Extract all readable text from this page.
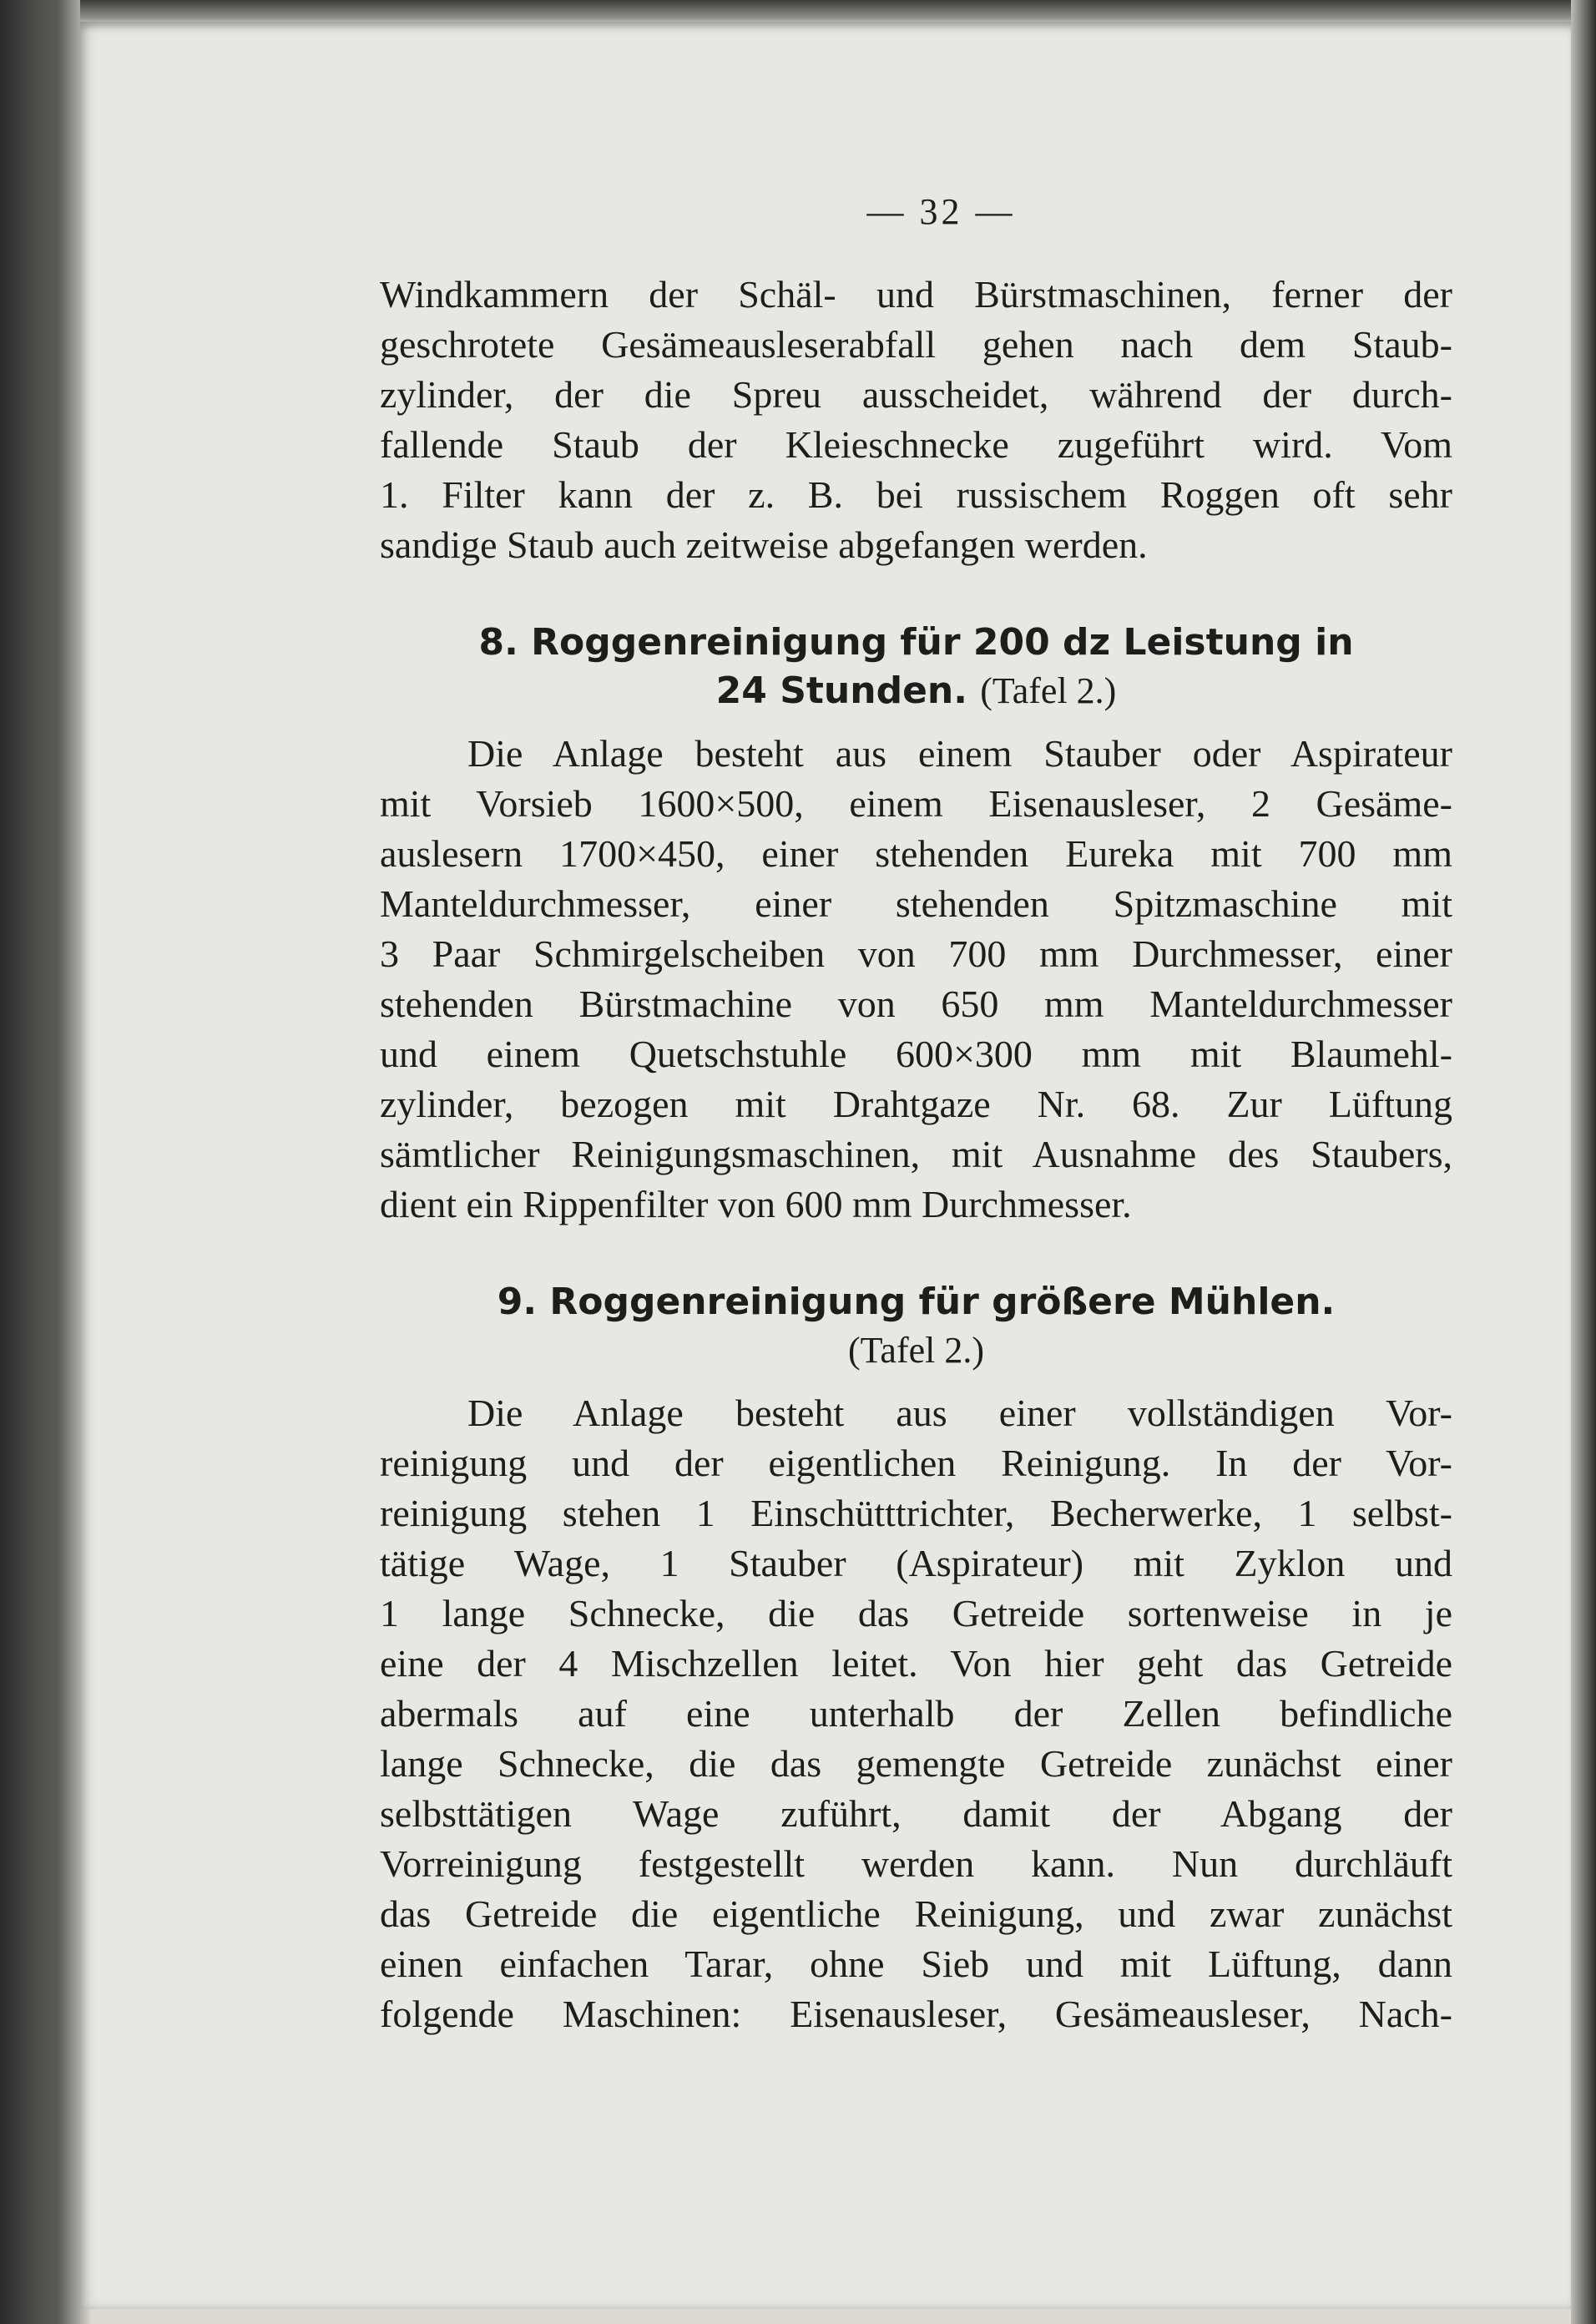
— 32 —
Windkammern der Schäl- und Bürstmaschinen, ferner der
geschrotete Gesämeausleserabfall gehen nach dem Staub-
zylinder, der die Spreu ausscheidet, während der durch-
fallende Staub der Kleieschnecke zugeführt wird. Vom
1. Filter kann der z. B. bei russischem Roggen oft sehr
sandige Staub auch zeitweise abgefangen werden.
8. Roggenreinigung für 200 dz Leistung in
24 Stunden. (Tafel 2.)
Die Anlage besteht aus einem Stauber oder Aspirateur
mit Vorsieb 1600×500, einem Eisenausleser, 2 Gesäme-
auslesern 1700×450, einer stehenden Eureka mit 700 mm
Manteldurchmesser, einer stehenden Spitzmaschine mit
3 Paar Schmirgelscheiben von 700 mm Durchmesser, einer
stehenden Bürstmachine von 650 mm Manteldurchmesser
und einem Quetschstuhle 600×300 mm mit Blaumehl-
zylinder, bezogen mit Drahtgaze Nr. 68. Zur Lüftung
sämtlicher Reinigungsmaschinen, mit Ausnahme des Staubers,
dient ein Rippenfilter von 600 mm Durchmesser.
9. Roggenreinigung für größere Mühlen.
(Tafel 2.)
Die Anlage besteht aus einer vollständigen Vor-
reinigung und der eigentlichen Reinigung. In der Vor-
reinigung stehen 1 Einschütttrichter, Becherwerke, 1 selbst-
tätige Wage, 1 Stauber (Aspirateur) mit Zyklon und
1 lange Schnecke, die das Getreide sortenweise in je
eine der 4 Mischzellen leitet. Von hier geht das Getreide
abermals auf eine unterhalb der Zellen befindliche
lange Schnecke, die das gemengte Getreide zunächst einer
selbsttätigen Wage zuführt, damit der Abgang der
Vorreinigung festgestellt werden kann. Nun durchläuft
das Getreide die eigentliche Reinigung, und zwar zunächst
einen einfachen Tarar, ohne Sieb und mit Lüftung, dann
folgende Maschinen: Eisenausleser, Gesämeausleser, Nach-
